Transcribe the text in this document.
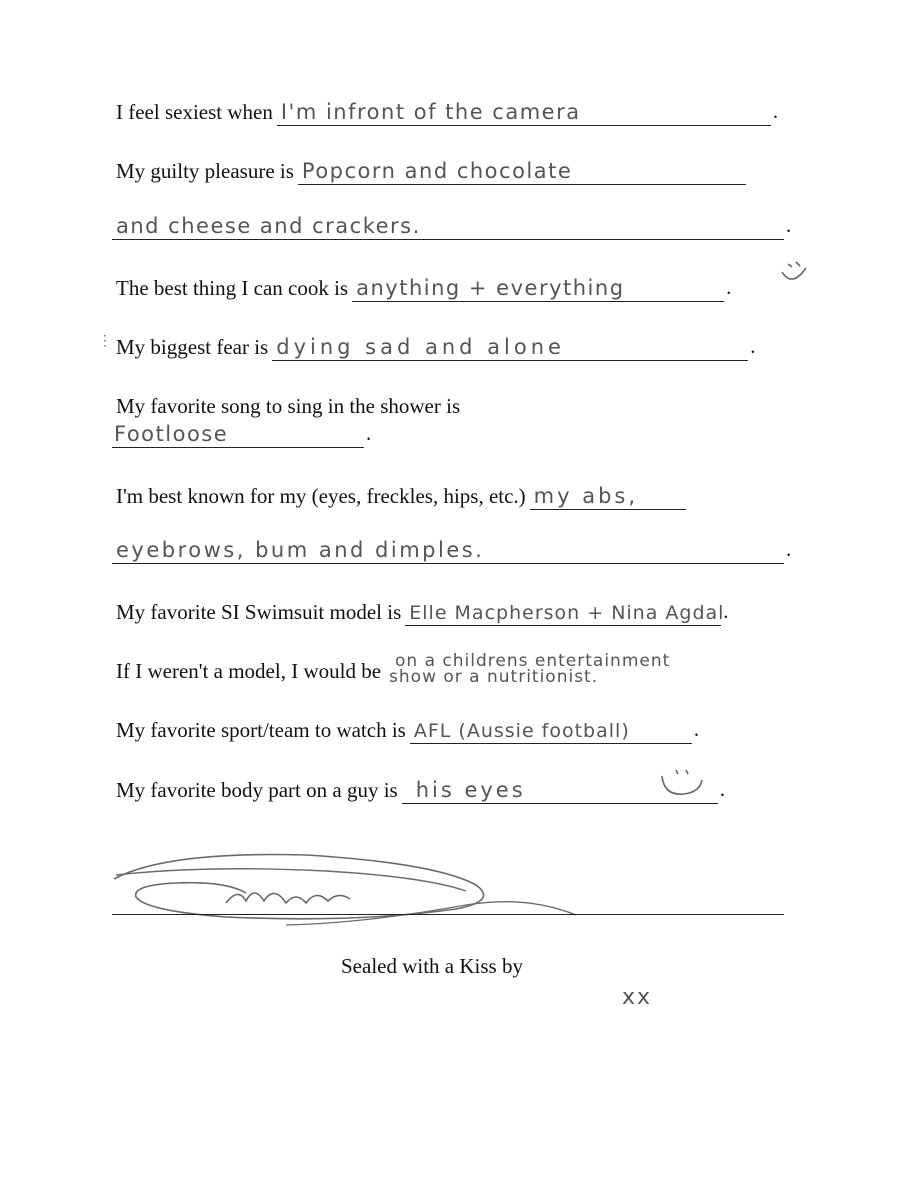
I feel sexiest when I'm infront of the camera	.
My guilty pleasure is Popcorn and chocolate
and cheese and crackers.	.
The best thing I can cook is anything + everything	.
⋮ My biggest fear is dying sad and alone	.
My favorite song to sing in the shower is
Footloose	.
I'm best known for my (eyes, freckles, hips, etc.) my abs,
eyebrows, bum and dimples.	.
My favorite SI Swimsuit model is Elle Macpherson + Nina Agdal
.
If I weren't a model, I would be on a childrens entertainment
show or a nutritionist.
My favorite sport/team to watch is AFL (Aussie football)	.
My favorite body part on a guy is his eyes	.
Sealed with a Kiss by
xx
